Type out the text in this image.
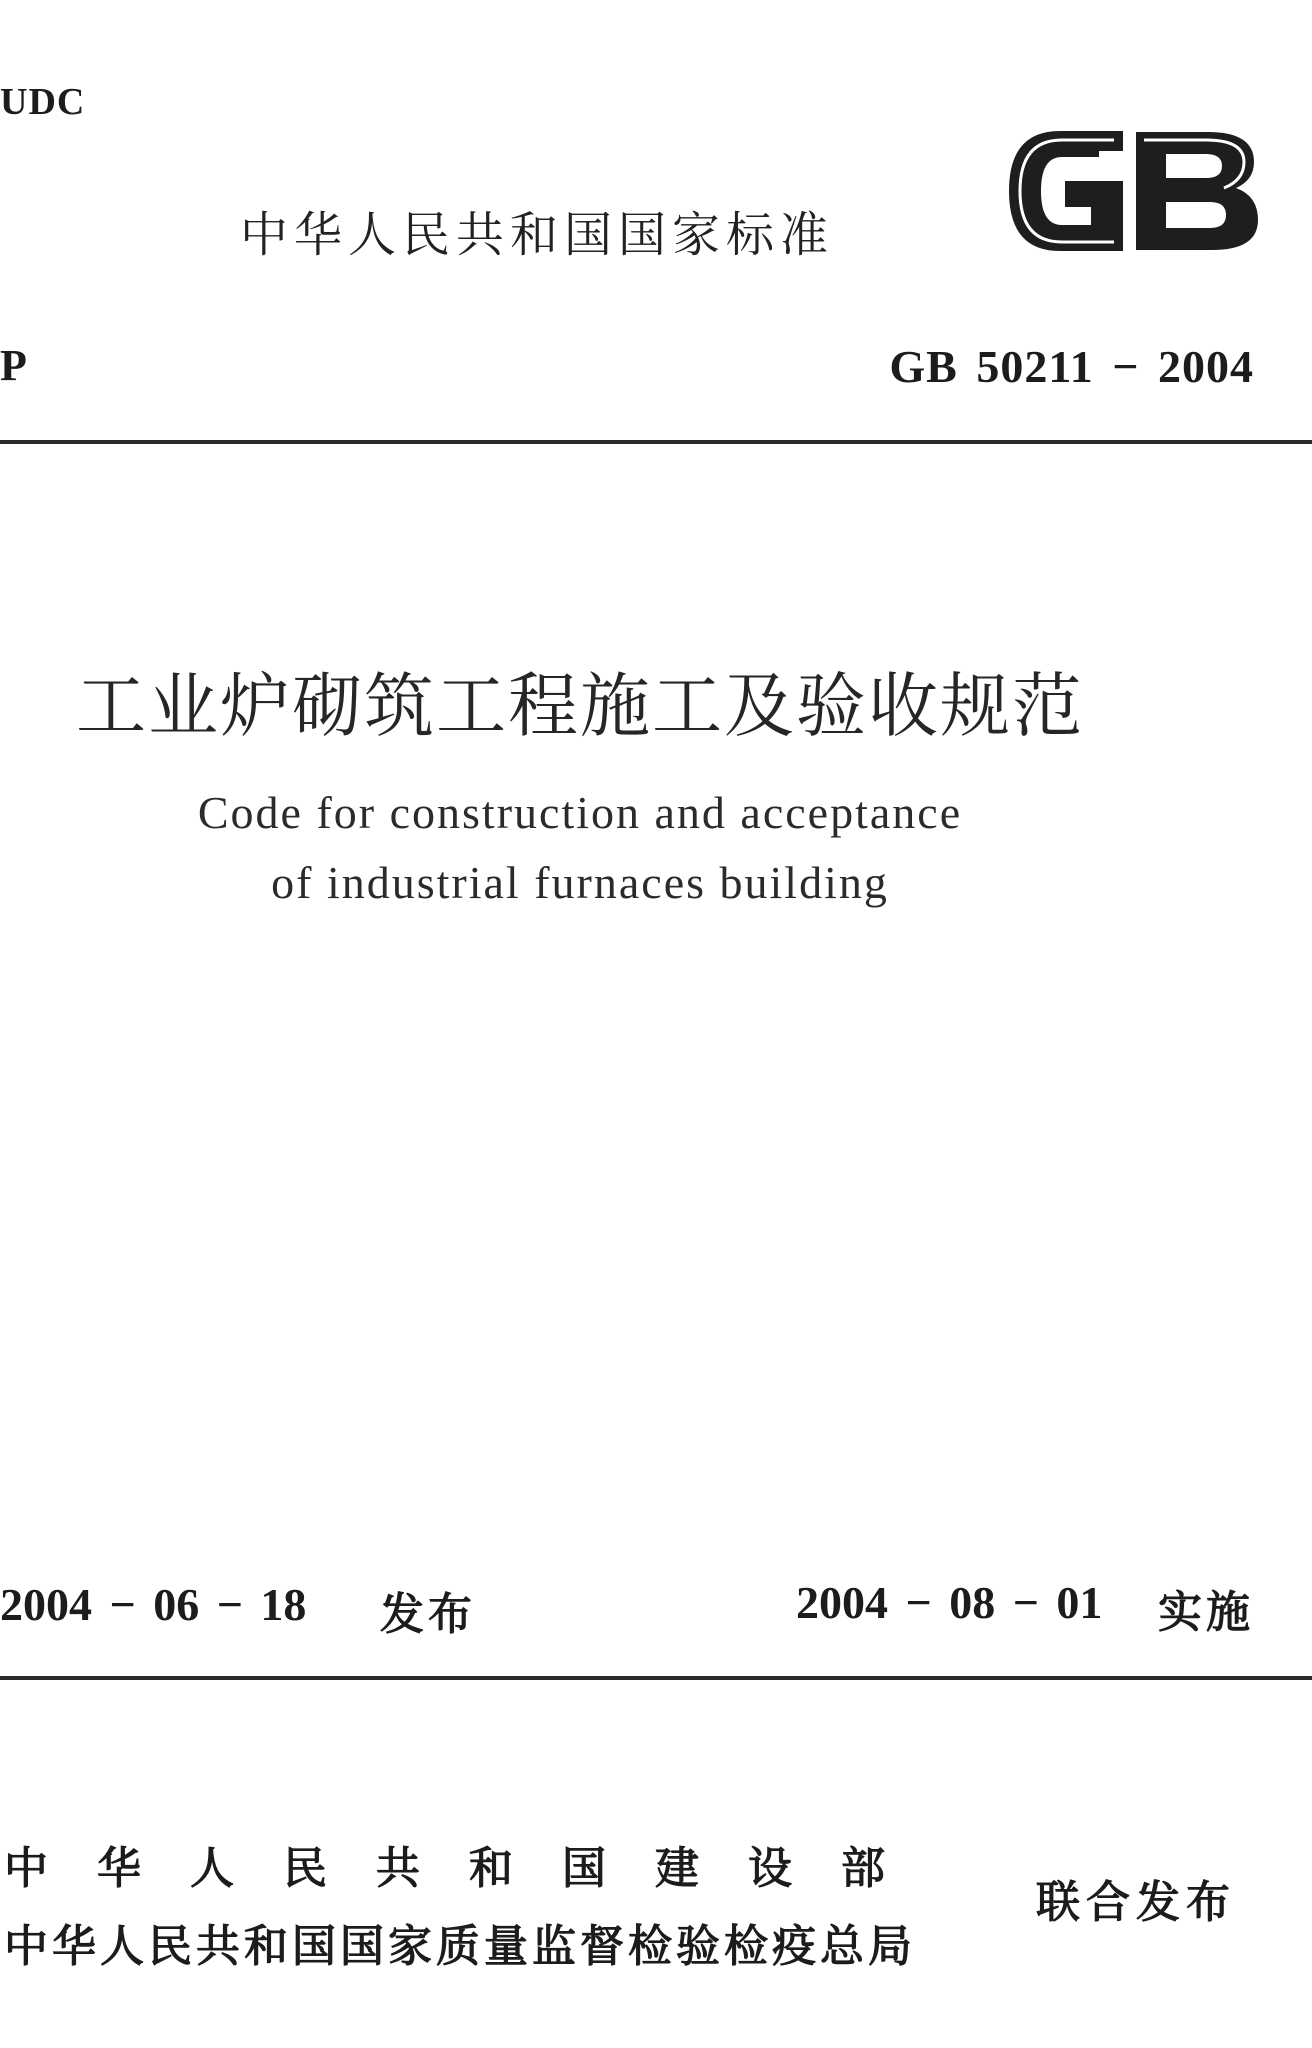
UDC
中华人民共和国国家标准
P	GB 50211 − 2004
工业炉砌筑工程施工及验收规范
Code for construction and acceptance
of industrial furnaces building
2004 − 06 − 18 发布	2004 − 08 − 01 实施
中华人民共和国建设部
中华人民共和国国家质量监督检验检疫总局
联合发布
